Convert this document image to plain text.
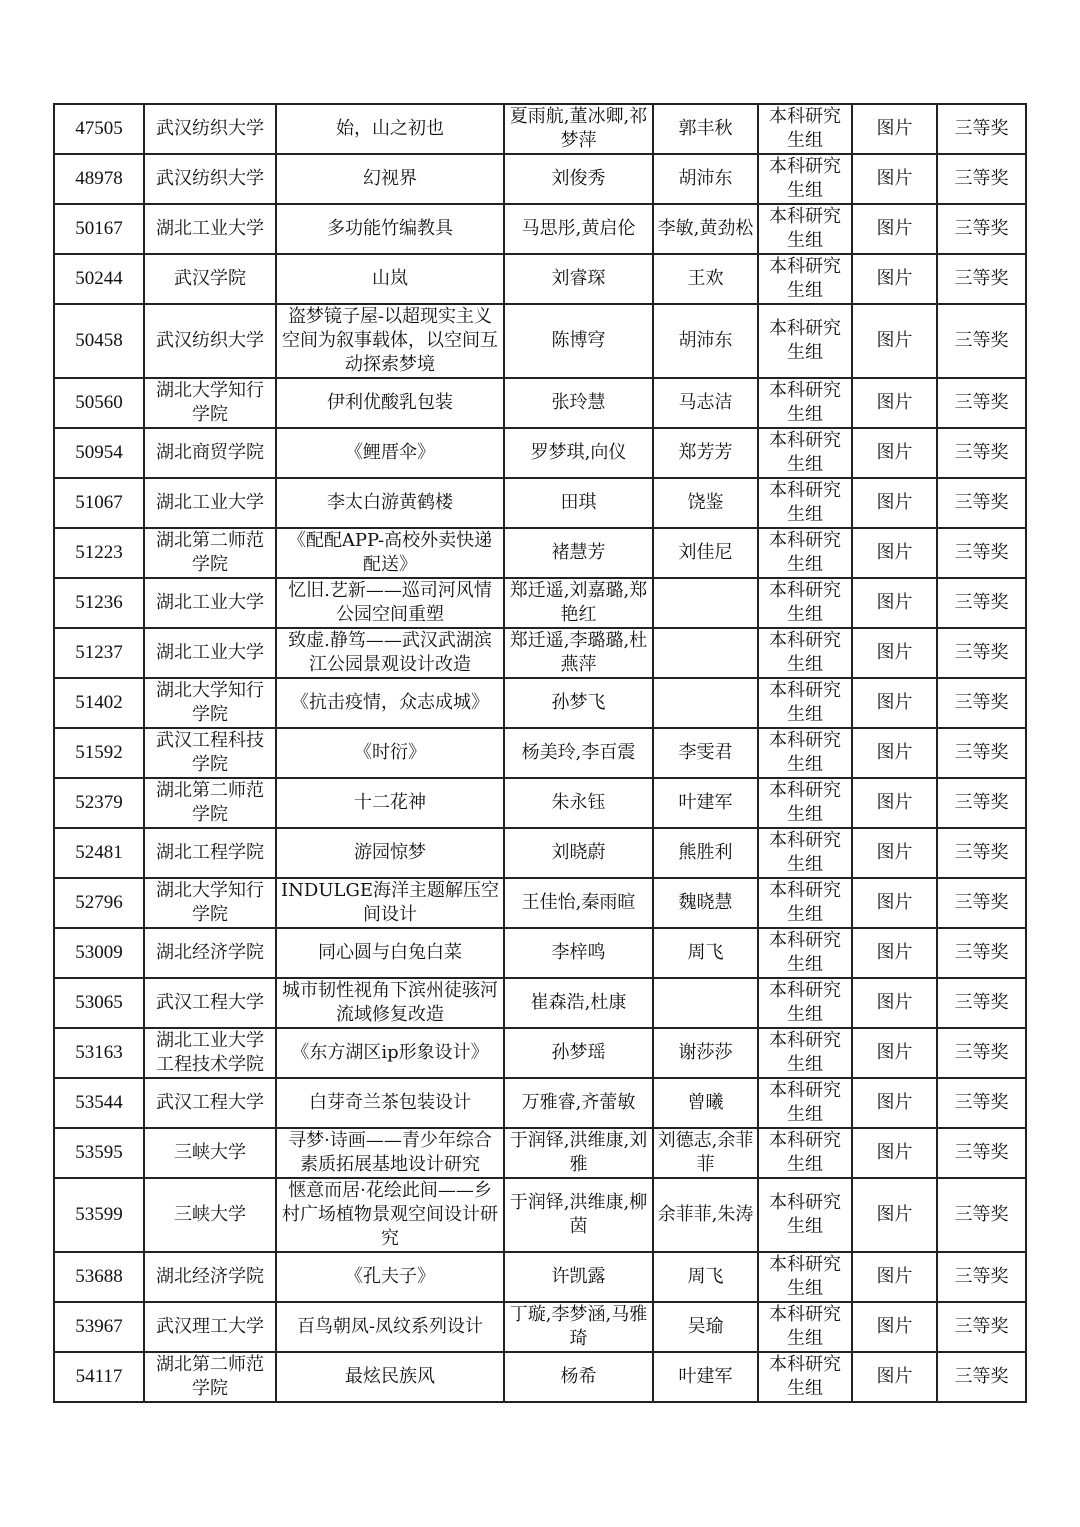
47505	武汉纺织大学	始，山之初也	夏雨航,董冰卿,祁梦萍	郭丰秋	本科研究生组	图片	三等奖
48978	武汉纺织大学	幻视界	刘俊秀	胡沛东	本科研究生组	图片	三等奖
50167	湖北工业大学	多功能竹编教具	马思彤,黄启伦	李敏,黄劲松	本科研究生组	图片	三等奖
50244	武汉学院	山岚	刘睿琛	王欢	本科研究生组	图片	三等奖
50458	武汉纺织大学	盗梦镜子屋-以超现实主义空间为叙事载体，以空间互动探索梦境	陈博穹	胡沛东	本科研究生组	图片	三等奖
50560	湖北大学知行学院	伊利优酸乳包装	张玲慧	马志洁	本科研究生组	图片	三等奖
50954	湖北商贸学院	《鲤厝伞》	罗梦琪,向仪	郑芳芳	本科研究生组	图片	三等奖
51067	湖北工业大学	李太白游黄鹤楼	田琪	饶鉴	本科研究生组	图片	三等奖
51223	湖北第二师范学院	《配配APP-高校外卖快递配送》	褚慧芳	刘佳尼	本科研究生组	图片	三等奖
51236	湖北工业大学	忆旧.艺新——巡司河风情公园空间重塑	郑迁遥,刘嘉璐,郑艳红		本科研究生组	图片	三等奖
51237	湖北工业大学	致虚.静笃——武汉武湖滨江公园景观设计改造	郑迁遥,李璐璐,杜燕萍		本科研究生组	图片	三等奖
51402	湖北大学知行学院	《抗击疫情，众志成城》	孙梦飞		本科研究生组	图片	三等奖
51592	武汉工程科技学院	《时衍》	杨美玲,李百震	李雯君	本科研究生组	图片	三等奖
52379	湖北第二师范学院	十二花神	朱永钰	叶建军	本科研究生组	图片	三等奖
52481	湖北工程学院	游园惊梦	刘晓蔚	熊胜利	本科研究生组	图片	三等奖
52796	湖北大学知行学院	INDULGE海洋主题解压空间设计	王佳怡,秦雨暄	魏晓慧	本科研究生组	图片	三等奖
53009	湖北经济学院	同心圆与白兔白菜	李梓鸣	周飞	本科研究生组	图片	三等奖
53065	武汉工程大学	城市韧性视角下滨州徒骇河流域修复改造	崔森浩,杜康		本科研究生组	图片	三等奖
53163	湖北工业大学工程技术学院	《东方湖区ip形象设计》	孙梦瑶	谢莎莎	本科研究生组	图片	三等奖
53544	武汉工程大学	白芽奇兰茶包装设计	万雅睿,齐蕾敏	曾曦	本科研究生组	图片	三等奖
53595	三峡大学	寻梦·诗画——青少年综合素质拓展基地设计研究	于润铎,洪维康,刘雅	刘德志,余菲菲	本科研究生组	图片	三等奖
53599	三峡大学	惬意而居·花绘此间——乡村广场植物景观空间设计研究	于润铎,洪维康,柳茵	余菲菲,朱涛	本科研究生组	图片	三等奖
53688	湖北经济学院	《孔夫子》	许凯露	周飞	本科研究生组	图片	三等奖
53967	武汉理工大学	百鸟朝凤-凤纹系列设计	丁璇,李梦涵,马雅琦	吴瑜	本科研究生组	图片	三等奖
54117	湖北第二师范学院	最炫民族风	杨希	叶建军	本科研究生组	图片	三等奖
